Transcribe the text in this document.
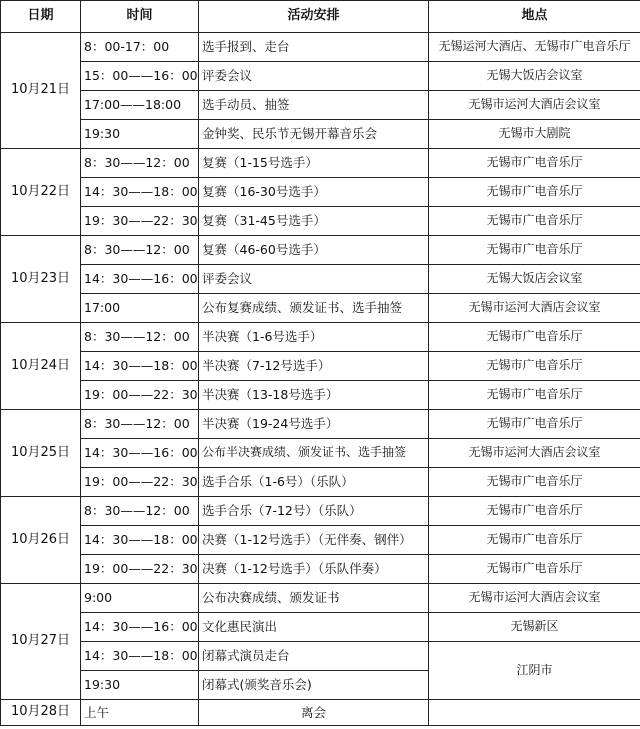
日期	时间	活动安排	地点
10月21日	8：00-17：00	选手报到、走台	无锡运河大酒店、无锡市广电音乐厅
	15：00——16：00	评委会议	无锡大饭店会议室
	17:00——18:00	选手动员、抽签	无锡市运河大酒店会议室
	19:30	金钟奖、民乐节无锡开幕音乐会	无锡市大剧院
10月22日	8：30——12：00	复赛（1-15号选手）	无锡市广电音乐厅
	14：30——18：00	复赛（16-30号选手）	无锡市广电音乐厅
	19：30——22：30	复赛（31-45号选手）	无锡市广电音乐厅
10月23日	8：30——12：00	复赛（46-60号选手）	无锡市广电音乐厅
	14：30——16：00	评委会议	无锡大饭店会议室
	17:00	公布复赛成绩、颁发证书、选手抽签	无锡市运河大酒店会议室
10月24日	8：30——12：00	半决赛（1-6号选手）	无锡市广电音乐厅
	14：30——18：00	半决赛（7-12号选手）	无锡市广电音乐厅
	19：00——22：30	半决赛（13-18号选手）	无锡市广电音乐厅
10月25日	8：30——12：00	半决赛（19-24号选手）	无锡市广电音乐厅
	14：30——16：00	公布半决赛成绩、颁发证书、选手抽签	无锡市运河大酒店会议室
	19：00——22：30	选手合乐（1-6号）（乐队）	无锡市广电音乐厅
10月26日	8：30——12：00	选手合乐（7-12号）（乐队）	无锡市广电音乐厅
	14：30——18：00	决赛（1-12号选手）（无伴奏、钢伴）	无锡市广电音乐厅
	19：00——22：30	决赛（1-12号选手）（乐队伴奏）	无锡市广电音乐厅
10月27日	9:00	公布决赛成绩、颁发证书	无锡市运河大酒店会议室
	14：30——16：00	文化惠民演出	无锡新区
	14：30——18：00	闭幕式演员走台	江阴市
	19:30	闭幕式(颁奖音乐会)	
10月28日	上午	离会	
